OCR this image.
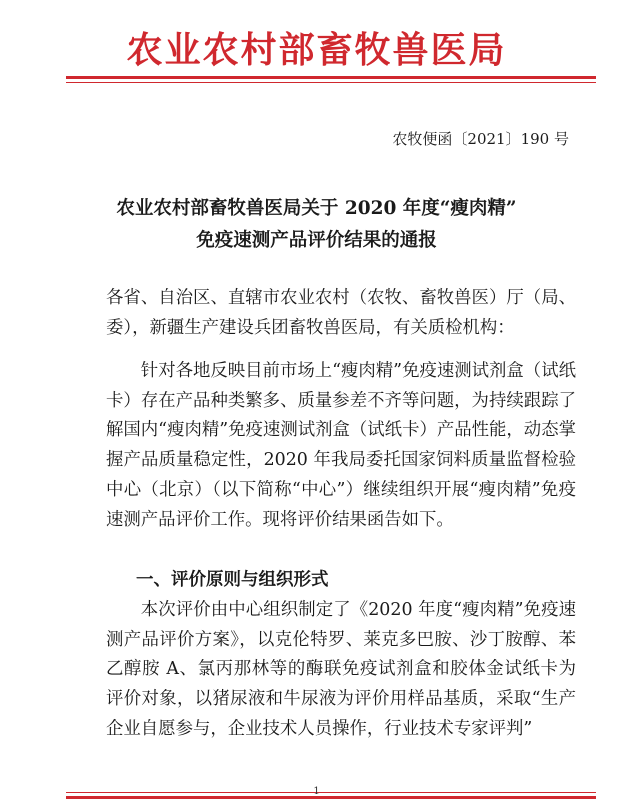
农业农村部畜牧兽医局
农牧便函〔2021〕190 号
农业农村部畜牧兽医局关于 2020 年度“瘦肉精”
免疫速测产品评价结果的通报
各省、自治区、直辖市农业农村（农牧、畜牧兽医）厅（局、委），新疆生产建设兵团畜牧兽医局，有关质检机构：
针对各地反映目前市场上“瘦肉精”免疫速测试剂盒（试纸卡）存在产品种类繁多、质量参差不齐等问题，为持续跟踪了解国内“瘦肉精”免疫速测试剂盒（试纸卡）产品性能，动态掌握产品质量稳定性，2020 年我局委托国家饲料质量监督检验中心（北京）（以下简称“中心”）继续组织开展“瘦肉精”免疫速测产品评价工作。现将评价结果函告如下。
一、评价原则与组织形式
本次评价由中心组织制定了《2020 年度“瘦肉精”免疫速测产品评价方案》，以克伦特罗、莱克多巴胺、沙丁胺醇、苯乙醇胺 A、氯丙那林等的酶联免疫试剂盒和胶体金试纸卡为评价对象，以猪尿液和牛尿液为评价用样品基质，采取“生产企业自愿参与，企业技术人员操作，行业技术专家评判”
1
